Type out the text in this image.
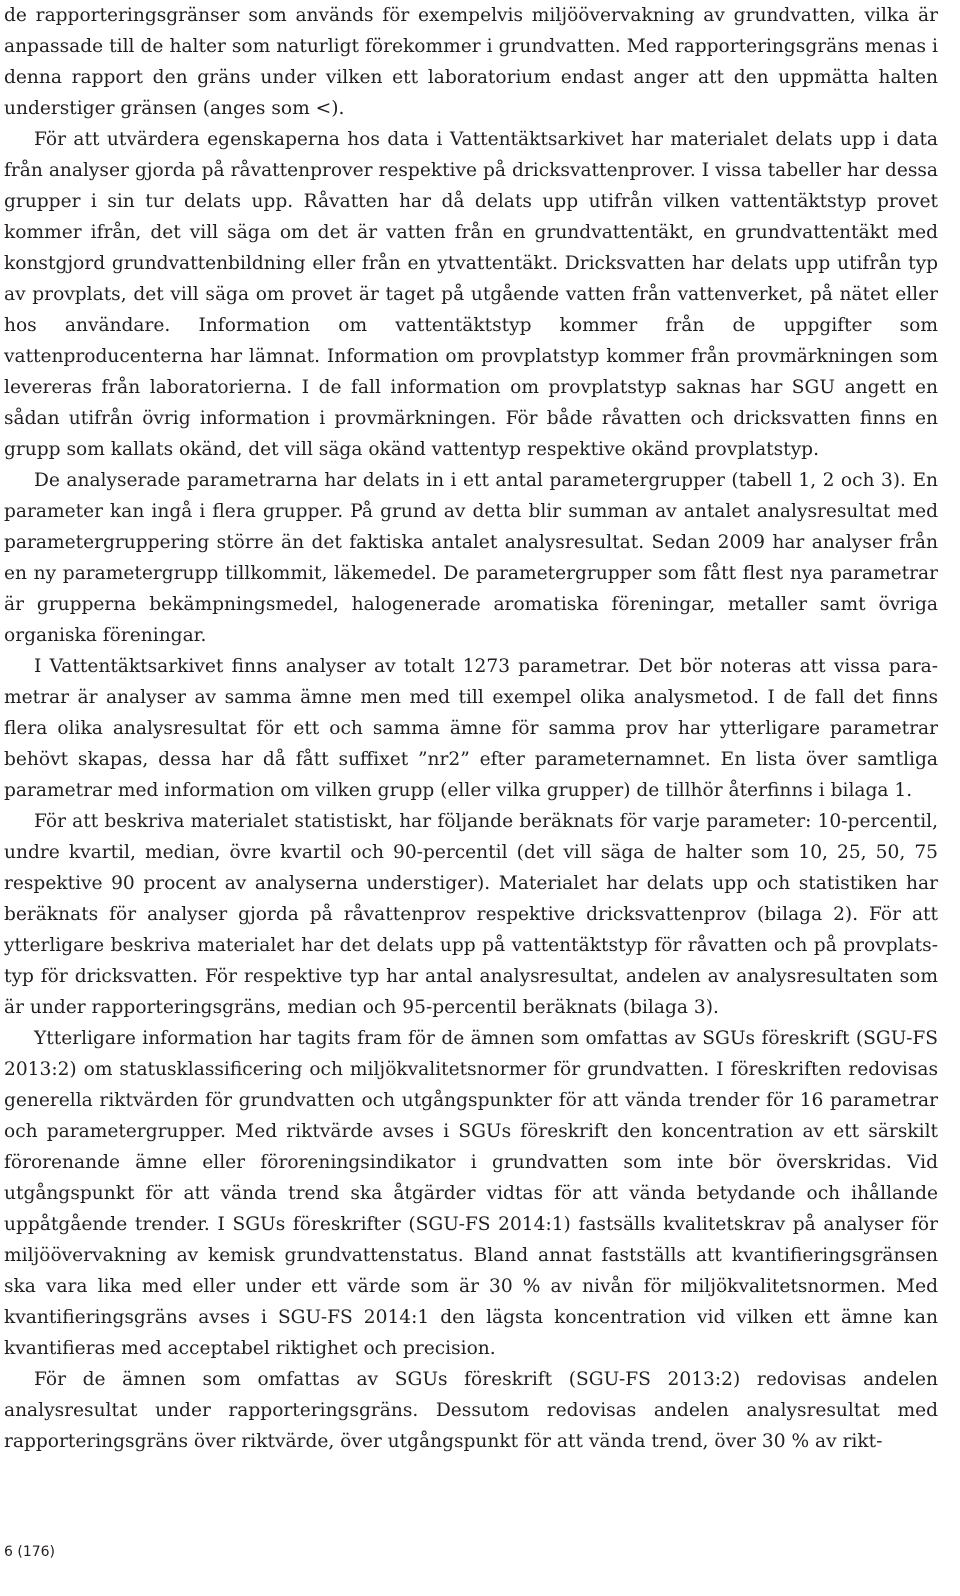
de rapporteringsgränser som används för exempelvis miljöövervakning av grundvatten, vilka är anpassade till de halter som naturligt förekommer i grundvatten. Med rapporteringsgräns menas i denna rapport den gräns under vilken ett laboratorium endast anger att den uppmätta halten understiger gränsen (anges som <).

För att utvärdera egenskaperna hos data i Vattentäktsarkivet har materialet delats upp i data från analyser gjorda på råvattenprover respektive på dricksvattenprover. I vissa tabeller har dessa grupper i sin tur delats upp. Råvatten har då delats upp utifrån vilken vattentäktstyp provet kommer ifrån, det vill säga om det är vatten från en grundvattentäkt, en grundvattentäkt med konstgjord grundvattenbildning eller från en ytvattentäkt. Dricksvatten har delats upp utifrån typ av provplats, det vill säga om provet är taget på utgående vatten från vattenverket, på nätet eller hos användare. Information om vattentäktstyp kommer från de uppgifter som vattenproducenterna har lämnat. Information om provplatstyp kommer från provmärkningen som levereras från laboratorierna. I de fall information om provplatstyp saknas har SGU angett en sådan utifrån övrig information i provmärkningen. För både råvatten och dricksvatten finns en grupp som kallats okänd, det vill säga okänd vattentyp respektive okänd provplatstyp.

De analyserade parametrarna har delats in i ett antal parametergrupper (tabell 1, 2 och 3). En parameter kan ingå i flera grupper. På grund av detta blir summan av antalet analysresultat med parametergruppering större än det faktiska antalet analysresultat. Sedan 2009 har analyser från en ny parametergrupp tillkommit, läkemedel. De parametergrupper som fått flest nya parametrar är grupperna bekämpningsmedel, halogenerade aromatiska föreningar, metaller samt övriga organiska föreningar.

I Vattentäktsarkivet finns analyser av totalt 1273 parametrar. Det bör noteras att vissa parametrar är analyser av samma ämne men med till exempel olika analysmetod. I de fall det finns flera olika analysresultat för ett och samma ämne för samma prov har ytterligare parametrar behövt skapas, dessa har då fått suffixet ”nr2” efter parameternamnet. En lista över samtliga parametrar med information om vilken grupp (eller vilka grupper) de tillhör återfinns i bilaga 1.

För att beskriva materialet statistiskt, har följande beräknats för varje parameter: 10-percentil, undre kvartil, median, övre kvartil och 90-percentil (det vill säga de halter som 10, 25, 50, 75 respektive 90 procent av analyserna understiger). Materialet har delats upp och statistiken har beräknats för analyser gjorda på råvattenprov respektive dricksvattenprov (bilaga 2). För att ytterligare beskriva materialet har det delats upp på vattentäktstyp för råvatten och på provplatstyp för dricksvatten. För respektive typ har antal analysresultat, andelen av analysresultaten som är under rapporteringsgräns, median och 95-percentil beräknats (bilaga 3).

Ytterligare information har tagits fram för de ämnen som omfattas av SGUs föreskrift (SGU-FS 2013:2) om statusklassificering och miljökvalitetsnormer för grundvatten. I föreskriften redovisas generella riktvärden för grundvatten och utgångspunkter för att vända trender för 16 parametrar och parametergrupper. Med riktvärde avses i SGUs föreskrift den koncentration av ett särskilt förorenande ämne eller föroreningsindikator i grundvatten som inte bör överskridas. Vid utgångspunkt för att vända trend ska åtgärder vidtas för att vända betydande och ihållande uppåtgående trender. I SGUs föreskrifter (SGU-FS 2014:1) fastsälls kvalitetskrav på analyser för miljöövervakning av kemisk grundvattenstatus. Bland annat fastställs att kvantifieringsgränsen ska vara lika med eller under ett värde som är 30 % av nivån för miljökvalitetsnormen. Med kvantifieringsgräns avses i SGU-FS 2014:1 den lägsta koncentration vid vilken ett ämne kan kvantifieras med acceptabel riktighet och precision.

För de ämnen som omfattas av SGUs föreskrift (SGU-FS 2013:2) redovisas andelen analysresultat under rapporteringsgräns. Dessutom redovisas andelen analysresultat med rapporteringsgräns över riktvärde, över utgångspunkt för att vända trend, över 30 % av rikt-

6 (176)
